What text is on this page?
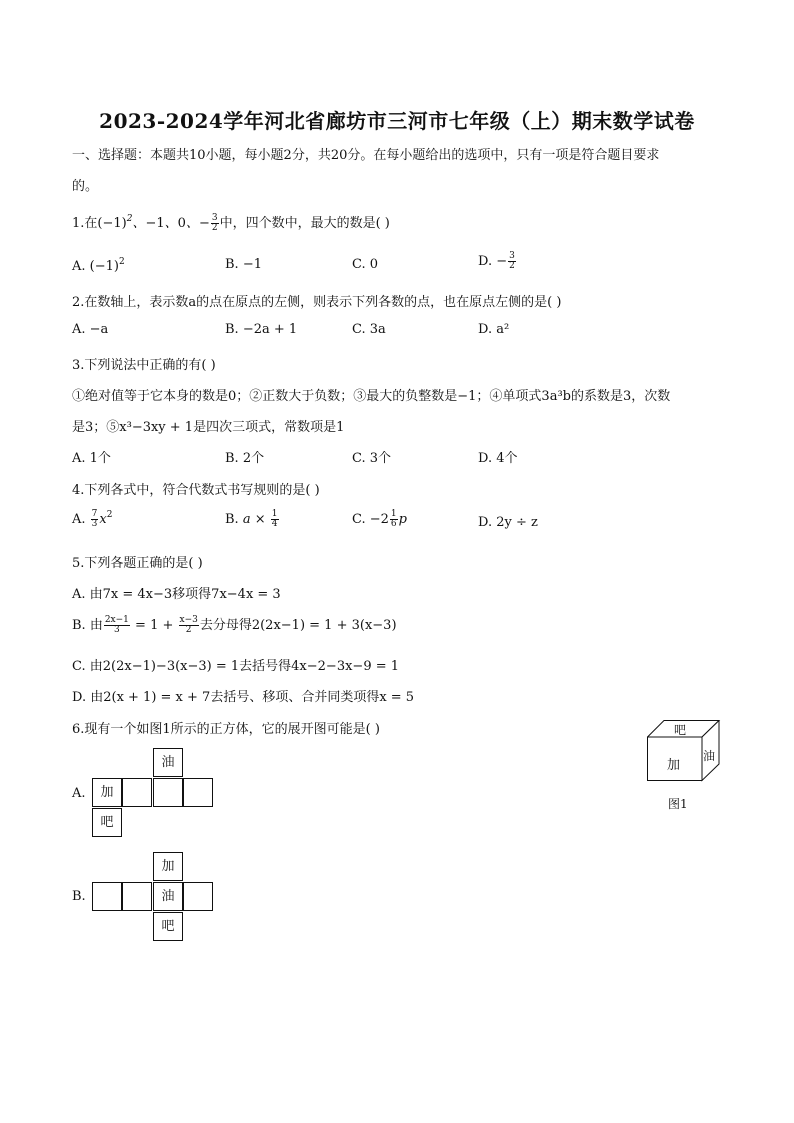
2023-2024学年河北省廊坊市三河市七年级（上）期末数学试卷
一、选择题：本题共10小题，每小题2分，共20分。在每小题给出的选项中，只有一项是符合题目要求
的。
1.在$(-1)^2$、−1、0、− $\frac{3}{2}$ 中，四个数中，最大的数是( )
A. $(-1)^2$	B. −1	C. 0	D. − $\frac{3}{2}$
2.在数轴上，表示数a的点在原点的左侧，则表示下列各数的点，也在原点左侧的是( )
A. −a	B. −2a + 1	C. 3a	D. a²
3.下列说法中正确的有( )
①绝对值等于它本身的数是0；②正数大于负数；③最大的负整数是−1；④单项式3a³b的系数是3，次数
是3；⑤x³−3xy + 1是四次三项式，常数项是1
A. 1个	B. 2个	C. 3个	D. 4个
4.下列各式中，符合代数式书写规则的是( )
A. $\frac{7}{3} x^2$	B. $a \times \frac{1}{4}$	C. $-2 \frac{1}{6}$ p	D. 2y ÷ z
5.下列各题正确的是( )
A. 由7x = 4x−3移项得7x−4x = 3
B. 由 $\frac{2x-1}{3} = 1 + \frac{x-3}{2}$ 去分母得2(2x−1) = 1 + 3(x−3)
C. 由2(2x−1)−3(x−3) = 1去括号得4x−2−3x−9 = 1
D. 由2(x + 1) = x + 7去括号、移项、合并同类项得x = 5
6.现有一个如图1所示的正方体，它的展开图可能是( )	吧
加
油
图1
A.
油
加
吧
B.
加
油
吧
